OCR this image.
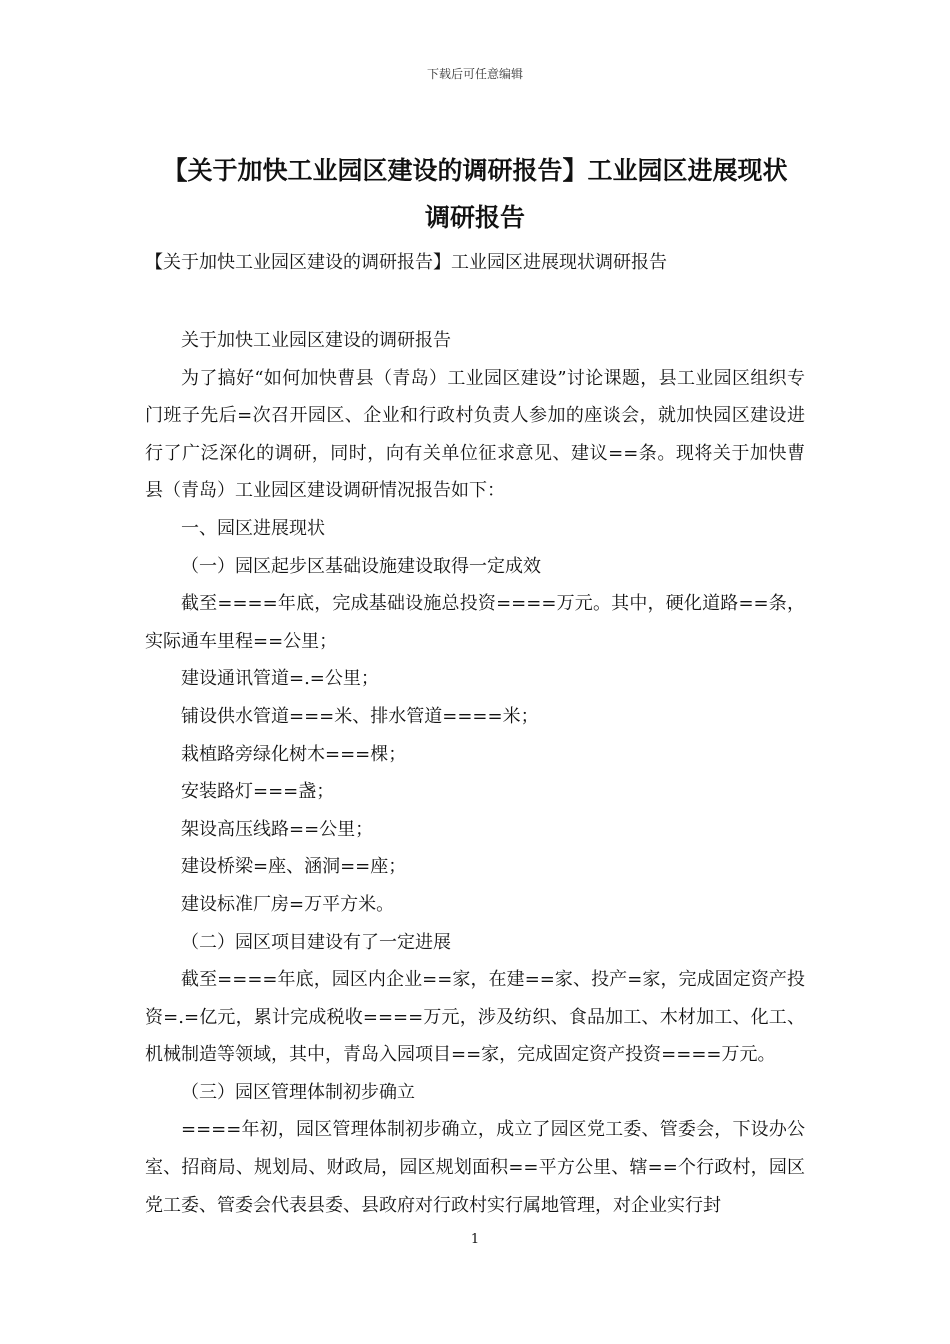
下载后可任意编辑
【关于加快工业园区建设的调研报告】工业园区进展现状
调研报告
【关于加快工业园区建设的调研报告】工业园区进展现状调研报告

关于加快工业园区建设的调研报告

为了搞好“如何加快曹县（青岛）工业园区建设”讨论课题，县工业园区组织专门班子先后=次召开园区、企业和行政村负责人参加的座谈会，就加快园区建设进行了广泛深化的调研，同时，向有关单位征求意见、建议==条。现将关于加快曹县（青岛）工业园区建设调研情况报告如下：

一、园区进展现状

（一）园区起步区基础设施建设取得一定成效

截至====年底，完成基础设施总投资====万元。其中，硬化道路==条，实际通车里程==公里；

建设通讯管道=.=公里；

铺设供水管道===米、排水管道====米；

栽植路旁绿化树木===棵；

安装路灯===盏；

架设高压线路==公里；

建设桥梁=座、涵洞==座；

建设标准厂房=万平方米。

（二）园区项目建设有了一定进展

截至====年底，园区内企业==家，在建==家、投产=家，完成固定资产投资=.=亿元，累计完成税收====万元，涉及纺织、食品加工、木材加工、化工、机械制造等领域，其中，青岛入园项目==家，完成固定资产投资====万元。

（三）园区管理体制初步确立

====年初，园区管理体制初步确立，成立了园区党工委、管委会，下设办公室、招商局、规划局、财政局，园区规划面积==平方公里、辖==个行政村，园区党工委、管委会代表县委、县政府对行政村实行属地管理，对企业实行封

1
